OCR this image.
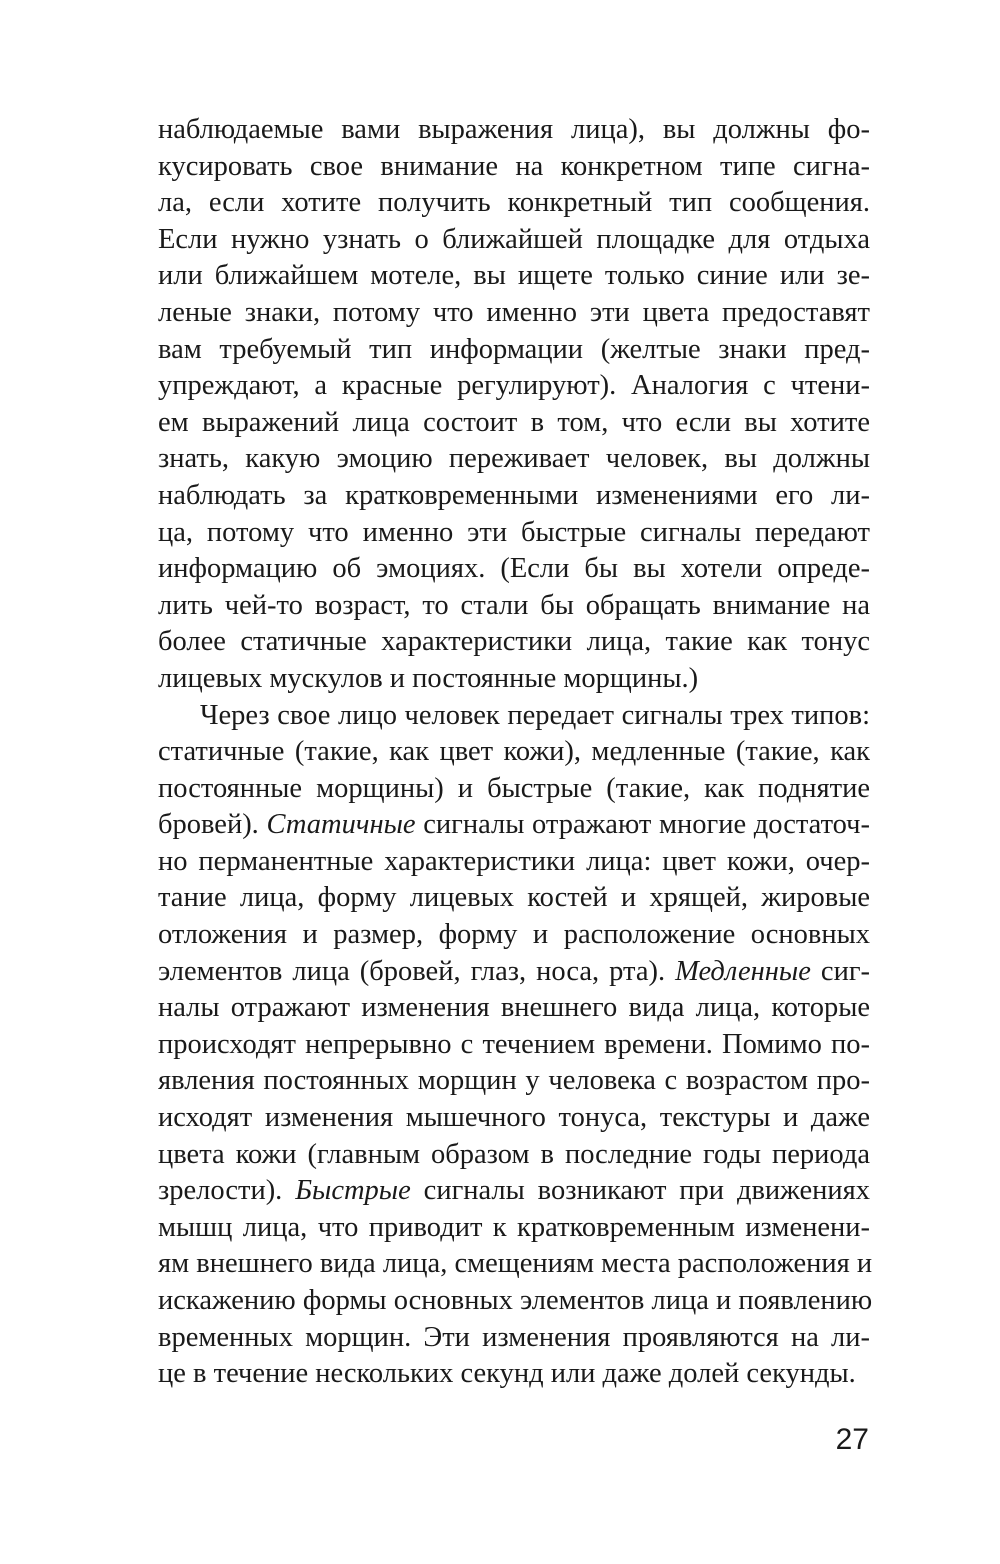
наблюдаемые вами выражения лица), вы должны фо-
кусировать свое внимание на конкретном типе сигна-
ла, если хотите получить конкретный тип сообщения.
Если нужно узнать о ближайшей площадке для отдыха
или ближайшем мотеле, вы ищете только синие или зе-
леные знаки, потому что именно эти цвета предоставят
вам требуемый тип информации (желтые знаки пред-
упреждают, а красные регулируют). Аналогия с чтени-
ем выражений лица состоит в том, что если вы хотите
знать, какую эмоцию переживает человек, вы должны
наблюдать за кратковременными изменениями его ли-
ца, потому что именно эти быстрые сигналы передают
информацию об эмоциях. (Если бы вы хотели опреде-
лить чей-то возраст, то стали бы обращать внимание на
более статичные характеристики лица, такие как тонус
лицевых мускулов и постоянные морщины.)
Через свое лицо человек передает сигналы трех типов:
статичные (такие, как цвет кожи), медленные (такие, как
постоянные морщины) и быстрые (такие, как поднятие
бровей). Статичные сигналы отражают многие достаточ-
но перманентные характеристики лица: цвет кожи, очер-
тание лица, форму лицевых костей и хрящей, жировые
отложения и размер, форму и расположение основных
элементов лица (бровей, глаз, носа, рта). Медленные сиг-
налы отражают изменения внешнего вида лица, которые
происходят непрерывно с течением времени. Помимо по-
явления постоянных морщин у человека с возрастом про-
исходят изменения мышечного тонуса, текстуры и даже
цвета кожи (главным образом в последние годы периода
зрелости). Быстрые сигналы возникают при движениях
мышц лица, что приводит к кратковременным изменени-
ям внешнего вида лица, смещениям места расположения и
искажению формы основных элементов лица и появлению
временных морщин. Эти изменения проявляются на ли-
це в течение нескольких секунд или даже долей секунды.
27
